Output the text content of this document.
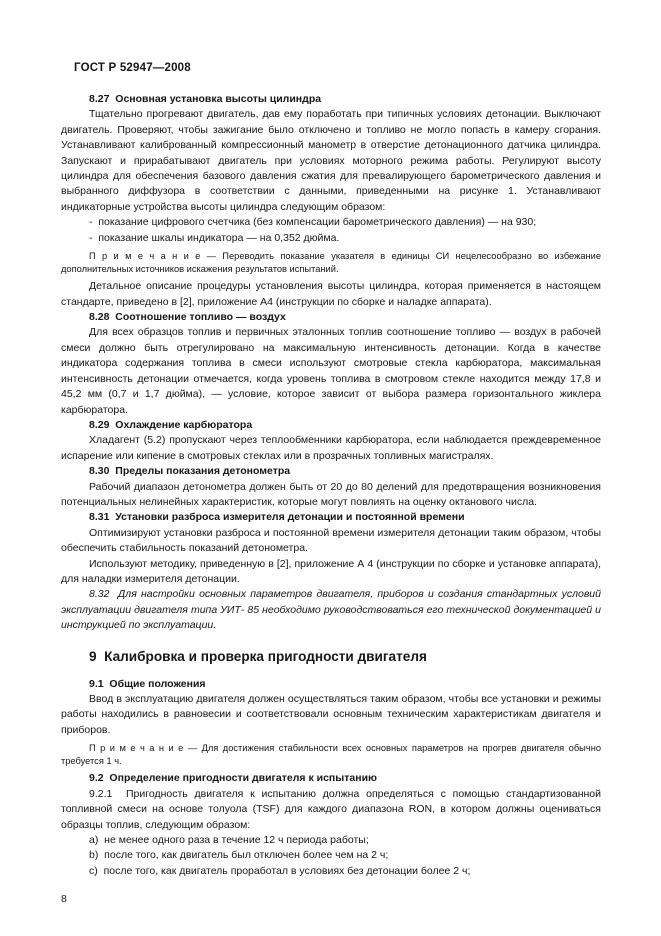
ГОСТ Р 52947—2008

8.27  Основная установка высоты цилиндра

Тщательно прогревают двигатель, дав ему поработать при типичных условиях детонации. Выключают двигатель. Проверяют, чтобы зажигание было отключено и топливо не могло попасть в камеру сгорания. Устанавливают калиброванный компрессионный манометр в отверстие детонационного датчика цилиндра. Запускают и прирабатывают двигатель при условиях моторного режима работы. Регулируют высоту цилиндра для обеспечения базового давления сжатия для превалирующего барометрического давления и выбранного диффузора в соответствии с данными, приведенными на рисунке 1. Устанавливают индикаторные устройства высоты цилиндра следующим образом:

-  показание цифрового счетчика (без компенсации барометрического давления) — на 930;

-  показание шкалы индикатора — на 0,352 дюйма.

П р и м е ч а н и е — Переводить показание указателя в единицы СИ нецелесообразно во избежание дополнительных источников искажения результатов испытаний.

Детальное описание процедуры установления высоты цилиндра, которая применяется в настоящем стандарте, приведено в [2], приложение А4 (инструкции по сборке и наладке аппарата).

8.28  Соотношение топливо — воздух

Для всех образцов топлив и первичных эталонных топлив соотношение топливо — воздух в рабочей смеси должно быть отрегулировано на максимальную интенсивность детонации. Когда в качестве индикатора содержания топлива в смеси используют смотровые стекла карбюратора, максимальная интенсивность детонации отмечается, когда уровень топлива в смотровом стекле находится между 17,8 и 45,2 мм (0,7 и 1,7 дюйма), — условие, которое зависит от выбора размера горизонтального жиклера карбюратора.

8.29  Охлаждение карбюратора

Хладагент (5.2) пропускают через теплообменники карбюратора, если наблюдается преждевременное испарение или кипение в смотровых стеклах или в прозрачных топливных магистралях.

8.30  Пределы показания детонометра

Рабочий диапазон детонометра должен быть от 20 до 80 делений для предотвращения возникновения потенциальных нелинейных характеристик, которые могут повлиять на оценку октанового числа.

8.31  Установки разброса измерителя детонации и постоянной времени

Оптимизируют установки разброса и постоянной времени измерителя детонации таким образом, чтобы обеспечить стабильность показаний детонометра.

Используют методику, приведенную в [2], приложение А 4 (инструкции по сборке и установке аппарата), для наладки измерителя детонации.

8.32  Для настройки основных параметров двигателя, приборов и создания стандартных условий эксплуатации двигателя типа УИТ- 85 необходимо руководствоваться его технической документацией и инструкцией по эксплуатации.

9  Калибровка и проверка пригодности двигателя

9.1  Общие положения

Ввод в эксплуатацию двигателя должен осуществляться таким образом, чтобы все установки и режимы работы находились в равновесии и соответствовали основным техническим характеристикам двигателя и приборов.

П р и м е ч а н и е — Для достижения стабильности всех основных параметров на прогрев двигателя обычно требуется 1 ч.

9.2  Определение пригодности двигателя к испытанию

9.2.1  Пригодность двигателя к испытанию должна определяться с помощью стандартизованной топливной смеси на основе толуола (TSF) для каждого диапазона RON, в котором должны оцениваться образцы топлив, следующим образом:

a)  не менее одного раза в течение 12 ч периода работы;

b)  после того, как двигатель был отключен более чем на 2 ч;

c)  после того, как двигатель проработал в условиях без детонации более 2 ч;

8
